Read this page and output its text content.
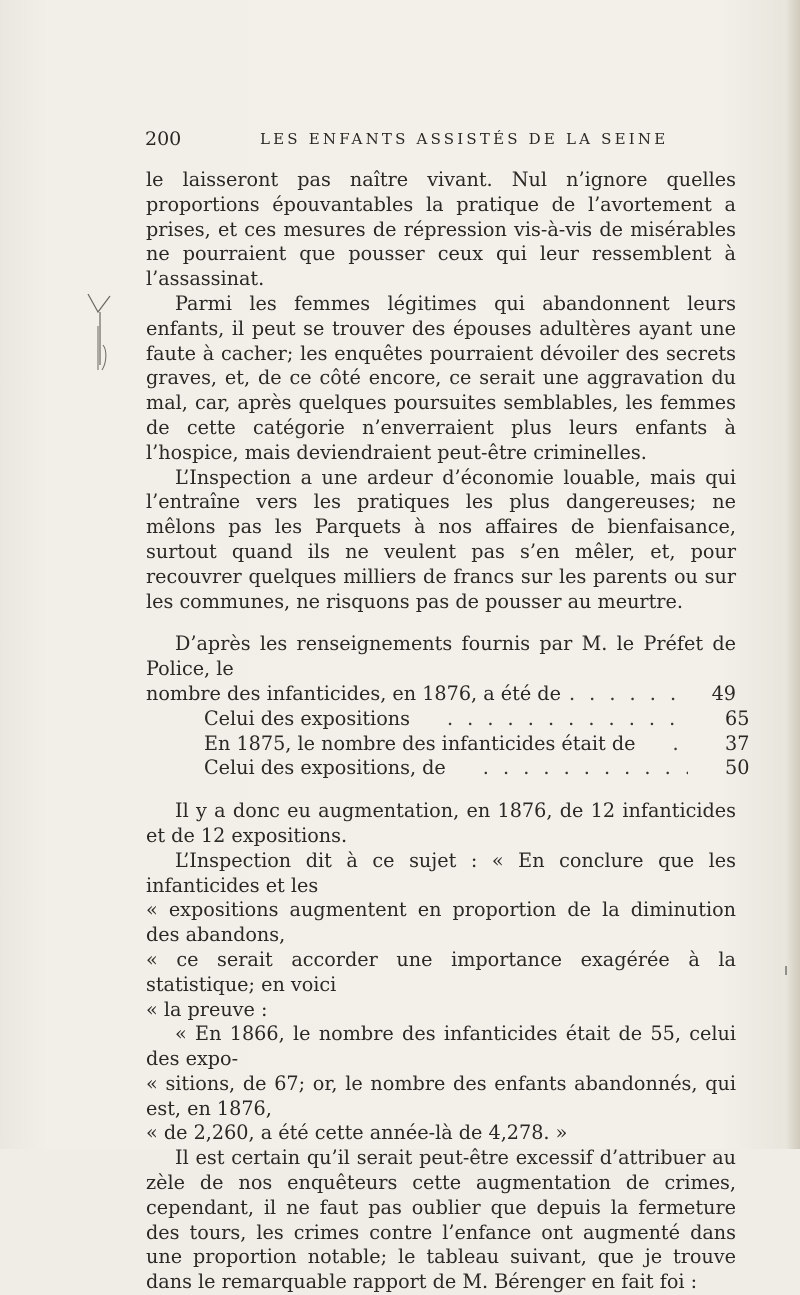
200	LES ENFANTS ASSISTÉS DE LA SEINE

le laisseront pas naître vivant. Nul n’ignore quelles proportions épouvantables la pratique de l’avortement a prises, et ces mesures de répression vis-à-vis de misérables ne pourraient que pousser ceux qui leur ressemblent à l’assassinat.

Parmi les femmes légitimes qui abandonnent leurs enfants, il peut se trouver des épouses adultères ayant une faute à cacher; les enquêtes pourraient dévoiler des secrets graves, et, de ce côté encore, ce serait une aggravation du mal, car, après quelques poursuites semblables, les femmes de cette catégorie n’enverraient plus leurs enfants à l’hospice, mais deviendraient peut-être criminelles.

L’Inspection a une ardeur d’économie louable, mais qui l’entraîne vers les pratiques les plus dangereuses; ne mêlons pas les Parquets à nos affaires de bienfaisance, surtout quand ils ne veulent pas s’en mêler, et, pour recouvrer quelques milliers de francs sur les parents ou sur les communes, ne risquons pas de pousser au meurtre.

D’après les renseignements fournis par M. le Préfet de Police, le

nombre des infanticides, en 1876, a été de . . .	49
Celui des expositions . . .	65
En 1875, le nombre des infanticides était de . . .	37
Celui des expositions, de . . .	50

Il y a donc eu augmentation, en 1876, de 12 infanticides et de 12 expositions.

L’Inspection dit à ce sujet : « En conclure que les infanticides et les

« expositions augmentent en proportion de la diminution des abandons,

« ce serait accorder une importance exagérée à la statistique; en voici

« la preuve :

« En 1866, le nombre des infanticides était de 55, celui des expo-

« sitions, de 67; or, le nombre des enfants abandonnés, qui est, en 1876,

« de 2,260, a été cette année-là de 4,278. »

Il est certain qu’il serait peut-être excessif d’attribuer au zèle de nos enquêteurs cette augmentation de crimes, cependant, il ne faut pas oublier que depuis la fermeture des tours, les crimes contre l’enfance ont augmenté dans une proportion notable; le tableau suivant, que je trouve dans le remarquable rapport de M. Bérenger en fait foi :
